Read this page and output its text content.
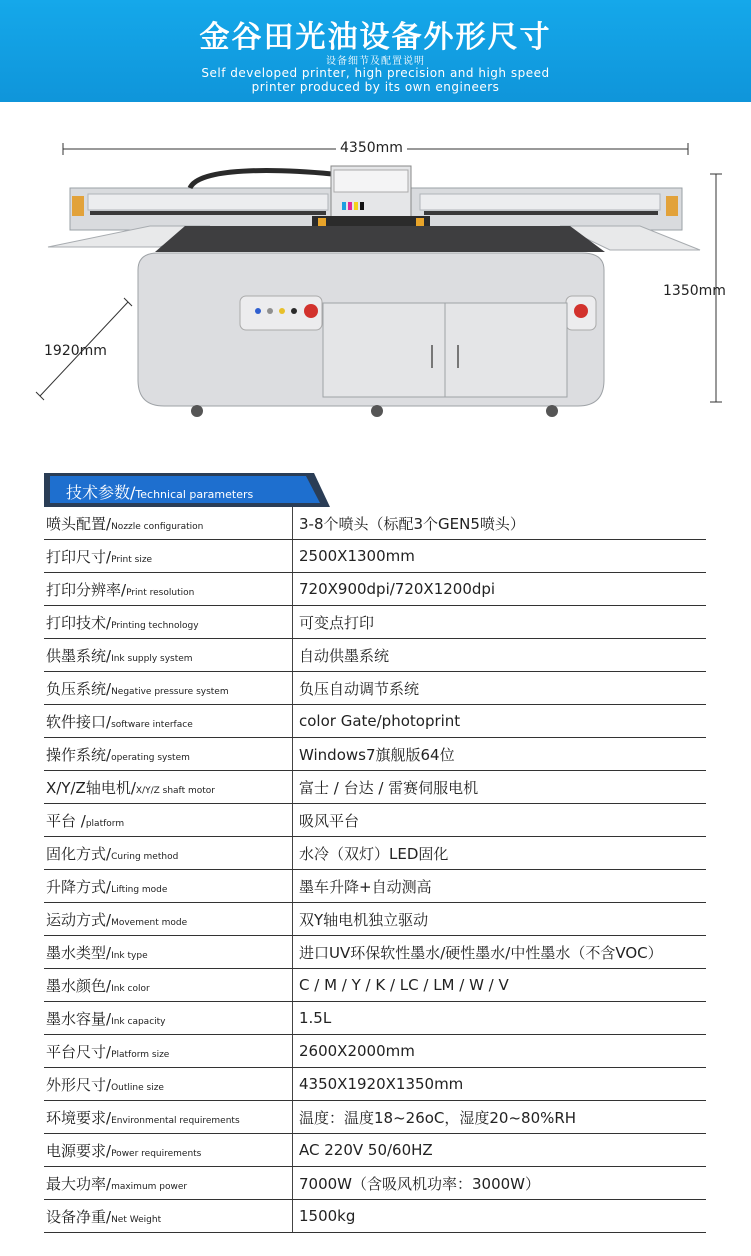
金谷田光油设备外形尺寸
设备细节及配置说明
Self developed printer, high precision and high speed
printer produced by its own engineers
4350mm
1350mm
1920mm
技术参数/Technical parameters
喷头配置/Nozzle configuration		3-8个喷头（标配3个GEN5喷头）
打印尺寸/Print size		2500X1300mm
打印分辨率/Print resolution		720X900dpi/720X1200dpi
打印技术/Printing technology		可变点打印
供墨系统/Ink supply system		自动供墨系统
负压系统/Negative pressure system		负压自动调节系统
软件接口/software interface		color Gate/photoprint
操作系统/operating system		Windows7旗舰版64位
X/Y/Z轴电机/X/Y/Z shaft motor		富士 / 台达 / 雷赛伺服电机
平台 /platform		吸风平台
固化方式/Curing method		水冷（双灯）LED固化
升降方式/Lifting mode		墨车升降+自动测高
运动方式/Movement mode		双Y轴电机独立驱动
墨水类型/Ink type		进口UV环保软性墨水/硬性墨水/中性墨水（不含VOC）
墨水颜色/Ink color		C / M / Y / K / LC / LM / W / V
墨水容量/Ink capacity		1.5L
平台尺寸/Platform size		2600X2000mm
外形尺寸/Outline size		4350X1920X1350mm
环境要求/Environmental requirements		温度：温度18~26oC，湿度20~80%RH
电源要求/Power requirements		AC 220V 50/60HZ
最大功率/maximum power		7000W（含吸风机功率：3000W）
设备净重/Net Weight		1500kg
